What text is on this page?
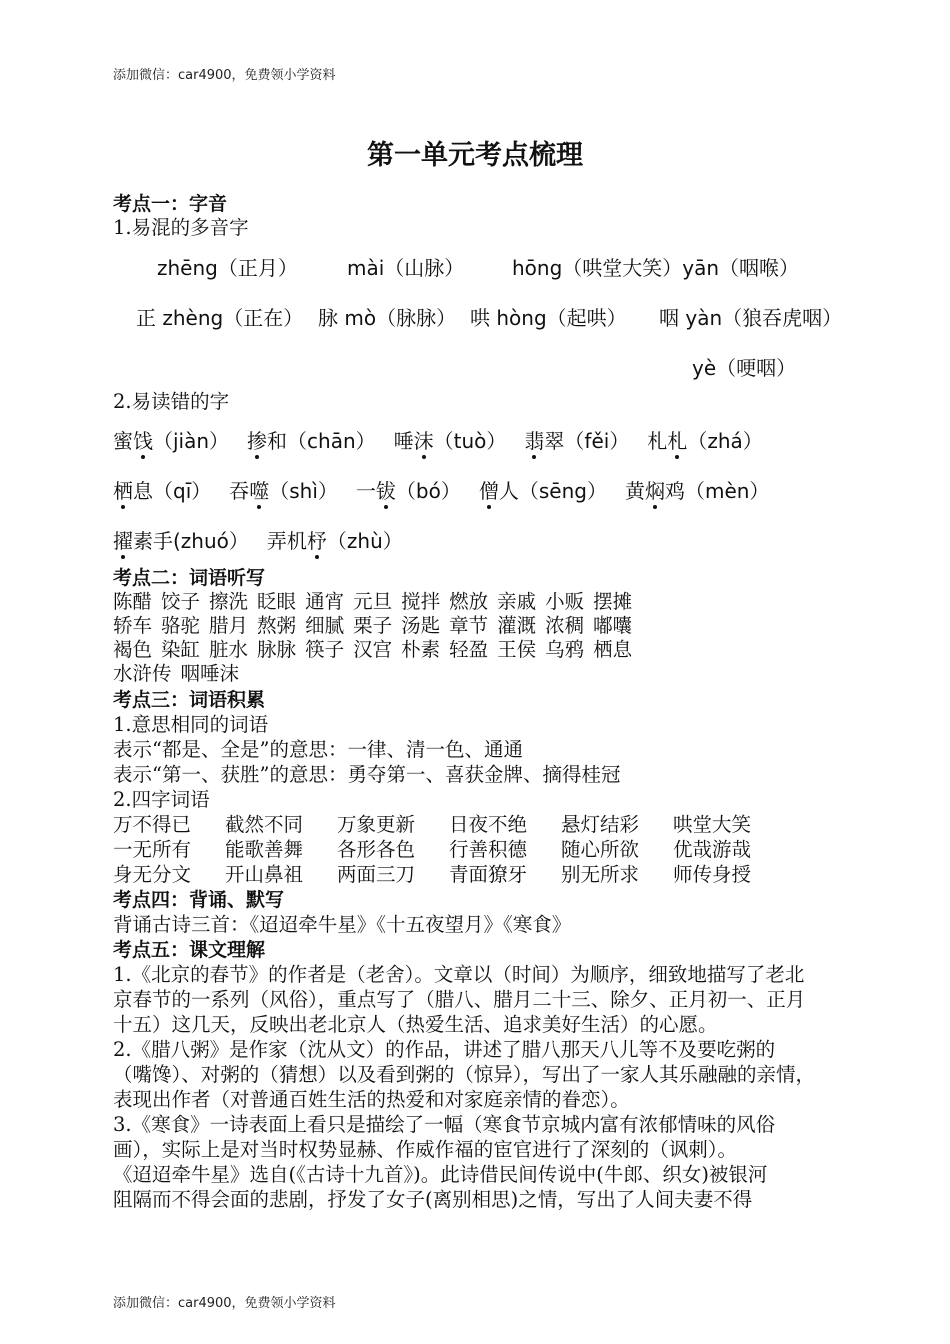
添加微信：car4900，免费领小学资料
第一单元考点梳理
考点一：字音
1.易混的多音字
zhēng（正月） mài（山脉） hōng（哄堂大笑）yān（咽喉）
正 zhèng（正在） 脉 mò（脉脉） 哄 hòng（起哄） 咽 yàn（狼吞虎咽）
yè（哽咽）
2.易读错的字
蜜饯（jiàn） 掺和（chān） 唾沫（tuò） 翡翠（fěi） 札札（zhá）
栖息（qī） 吞噬（shì） 一钹（bó） 僧人（sēng） 黄焖鸡（mèn）
擢素手(zhuó） 弄机杼（zhù）
考点二：词语听写
陈醋 饺子 擦洗 眨眼 通宵 元旦 搅拌 燃放 亲戚 小贩 摆摊
轿车 骆驼 腊月 熬粥 细腻 栗子 汤匙 章节 灌溉 浓稠 嘟囔
褐色 染缸 脏水 脉脉 筷子 汉宫 朴素 轻盈 王侯 乌鸦 栖息
水浒传 咽唾沫
考点三：词语积累
1.意思相同的词语
表示“都是、全是”的意思：一律、清一色、通通
表示“第一、获胜”的意思：勇夺第一、喜获金牌、摘得桂冠
2.四字词语
万不得已 截然不同 万象更新 日夜不绝 悬灯结彩 哄堂大笑
一无所有 能歌善舞 各形各色 行善积德 随心所欲 优哉游哉
身无分文 开山鼻祖 两面三刀 青面獠牙 别无所求 师传身授
考点四：背诵、默写
背诵古诗三首：《迢迢牵牛星》《十五夜望月》《寒食》
考点五：课文理解
1.《北京的春节》的作者是（老舍）。文章以（时间）为顺序，细致地描写了老北
京春节的一系列（风俗），重点写了（腊八、腊月二十三、除夕、正月初一、正月
十五）这几天，反映出老北京人（热爱生活、追求美好生活）的心愿。
2.《腊八粥》是作家（沈从文）的作品，讲述了腊八那天八儿等不及要吃粥的
（嘴馋）、对粥的（猜想）以及看到粥的（惊异），写出了一家人其乐融融的亲情，
表现出作者（对普通百姓生活的热爱和对家庭亲情的眷恋）。
3.《寒食》一诗表面上看只是描绘了一幅（寒食节京城内富有浓郁情味的风俗
画），实际上是对当时权势显赫、作威作福的宦官进行了深刻的（讽刺）。
《迢迢牵牛星》选自(《古诗十九首》)。此诗借民间传说中(牛郎、织女)被银河
阻隔而不得会面的悲剧，抒发了女子(离别相思)之情，写出了人间夫妻不得
添加微信：car4900，免费领小学资料
